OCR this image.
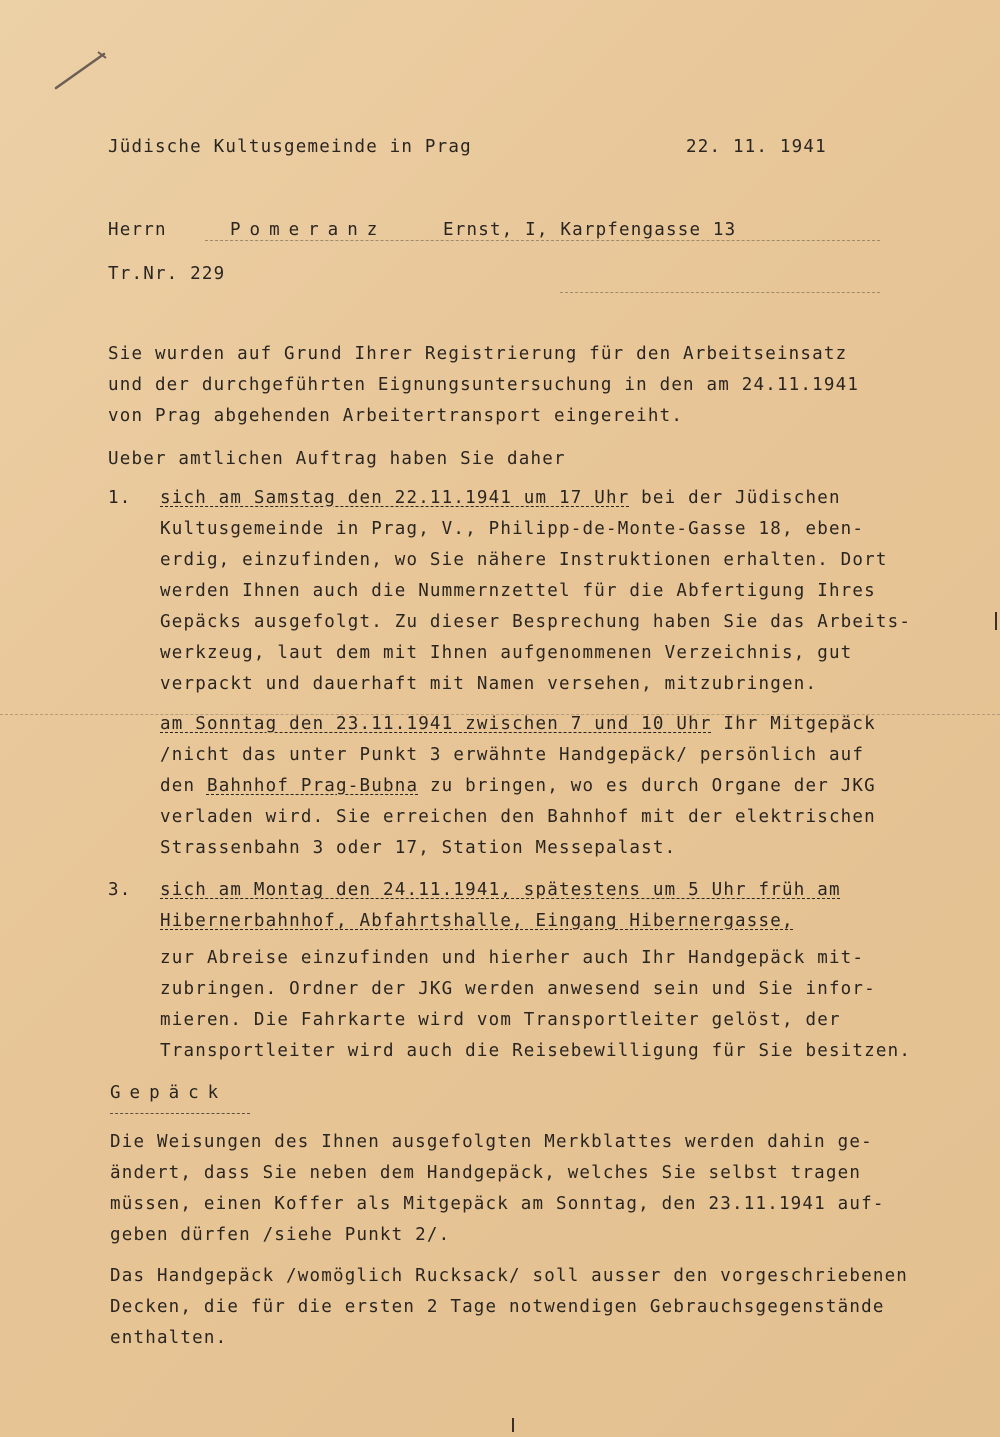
Jüdische Kultusgemeinde in Prag	22. 11. 1941
Herrn	Pomeranz	Ernst, I, Karpfengasse 13
Tr.Nr. 229
Sie wurden auf Grund Ihrer Registrierung für den Arbeitseinsatz
und der durchgeführten Eignungsuntersuchung in den am 24.11.1941
von Prag abgehenden Arbeitertransport eingereiht.
Ueber amtlichen Auftrag haben Sie daher
1. sich am Samstag den 22.11.1941 um 17 Uhr bei der Jüdischen
Kultusgemeinde in Prag, V., Philipp-de-Monte-Gasse 18, eben-
erdig, einzufinden, wo Sie nähere Instruktionen erhalten. Dort
werden Ihnen auch die Nummernzettel für die Abfertigung Ihres
Gepäcks ausgefolgt. Zu dieser Besprechung haben Sie das Arbeits-
werkzeug, laut dem mit Ihnen aufgenommenen Verzeichnis, gut
verpackt und dauerhaft mit Namen versehen, mitzubringen.
am Sonntag den 23.11.1941 zwischen 7 und 10 Uhr Ihr Mitgepäck
/nicht das unter Punkt 3 erwähnte Handgepäck/ persönlich auf
den Bahnhof Prag-Bubna zu bringen, wo es durch Organe der JKG
verladen wird. Sie erreichen den Bahnhof mit der elektrischen
Strassenbahn 3 oder 17, Station Messepalast.
3. sich am Montag den 24.11.1941, spätestens um 5 Uhr früh am
Hibernerbahnhof, Abfahrtshalle, Eingang Hibernergasse,
zur Abreise einzufinden und hierher auch Ihr Handgepäck mit-
zubringen. Ordner der JKG werden anwesend sein und Sie infor-
mieren. Die Fahrkarte wird vom Transportleiter gelöst, der
Transportleiter wird auch die Reisebewilligung für Sie besitzen.
Gepäck
Die Weisungen des Ihnen ausgefolgten Merkblattes werden dahin ge-
ändert, dass Sie neben dem Handgepäck, welches Sie selbst tragen
müssen, einen Koffer als Mitgepäck am Sonntag, den 23.11.1941 auf-
geben dürfen /siehe Punkt 2/.
Das Handgepäck /womöglich Rucksack/ soll ausser den vorgeschriebenen
Decken, die für die ersten 2 Tage notwendigen Gebrauchsgegenstände
enthalten.
